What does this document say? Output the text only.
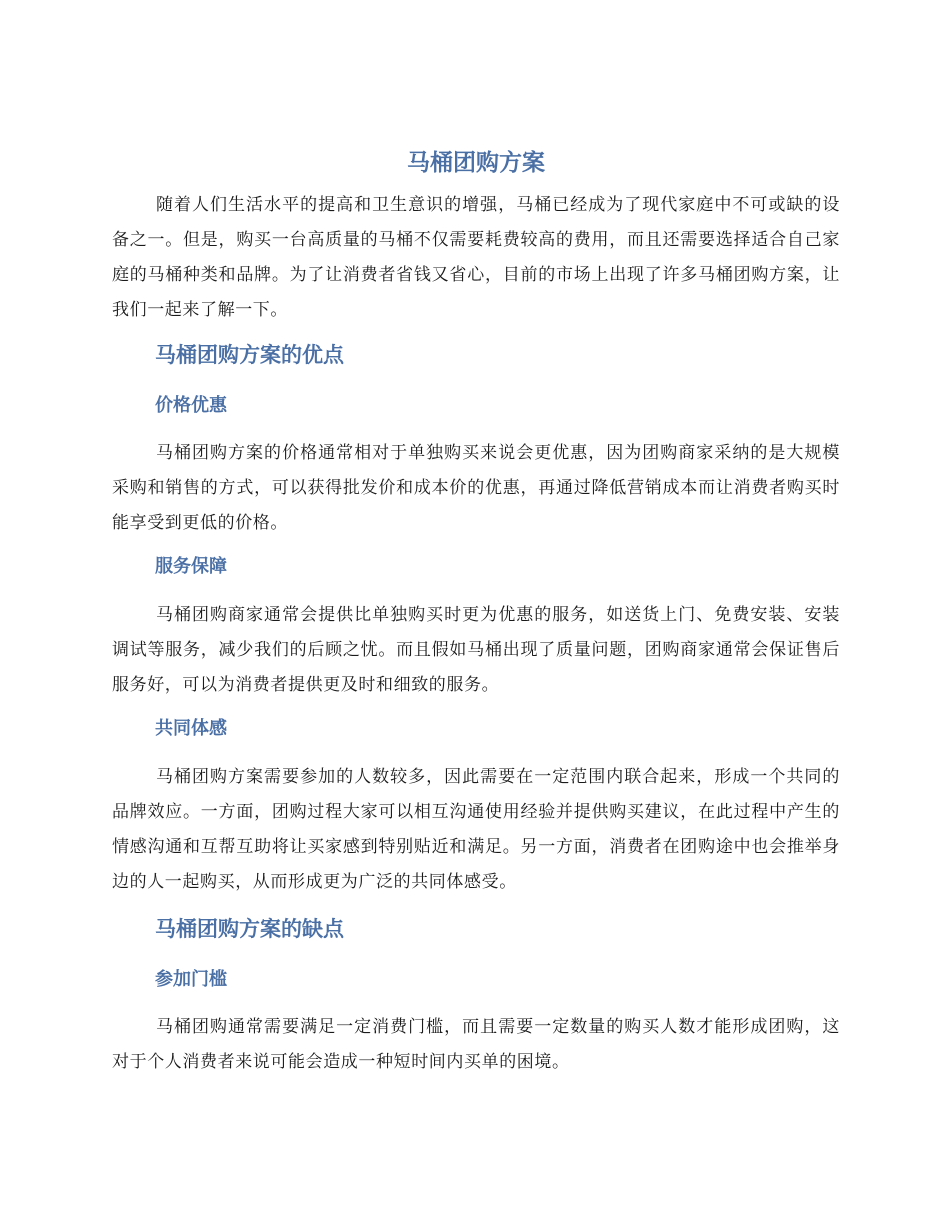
马桶团购方案

随着人们生活水平的提高和卫生意识的增强，马桶已经成为了现代家庭中不可或缺的设备之一。但是，购买一台高质量的马桶不仅需要耗费较高的费用，而且还需要选择适合自己家庭的马桶种类和品牌。为了让消费者省钱又省心，目前的市场上出现了许多马桶团购方案，让我们一起来了解一下。

马桶团购方案的优点
价格优惠

马桶团购方案的价格通常相对于单独购买来说会更优惠，因为团购商家采纳的是大规模采购和销售的方式，可以获得批发价和成本价的优惠，再通过降低营销成本而让消费者购买时能享受到更低的价格。

服务保障

马桶团购商家通常会提供比单独购买时更为优惠的服务，如送货上门、免费安装、安装调试等服务，减少我们的后顾之忧。而且假如马桶出现了质量问题，团购商家通常会保证售后服务好，可以为消费者提供更及时和细致的服务。

共同体感

马桶团购方案需要参加的人数较多，因此需要在一定范围内联合起来，形成一个共同的品牌效应。一方面，团购过程大家可以相互沟通使用经验并提供购买建议，在此过程中产生的情感沟通和互帮互助将让买家感到特别贴近和满足。另一方面，消费者在团购途中也会推举身边的人一起购买，从而形成更为广泛的共同体感受。

马桶团购方案的缺点
参加门槛

马桶团购通常需要满足一定消费门槛，而且需要一定数量的购买人数才能形成团购，这对于个人消费者来说可能会造成一种短时间内买单的困境。
